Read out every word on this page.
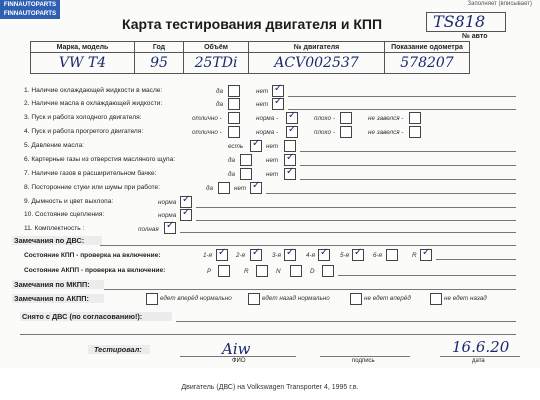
FINNAUTOPARTS
FINNAUTOPARTS
Заполняет (вписывает)
Карта тестирования двигателя и КПП	TS818
№ авто
Марка, модель	Год	Объём	№ двигателя	Показание одометра
VW T4	95	25TDi	ACV002537	578207
1. Наличие охлаждающей жидкости в масле:	да	нет ✓
2. Наличие масла в охлаждающей жидкости:	да	нет ✓
3. Пуск и работа холодного двигателя:	отлично -	норма - ✓	плохо -	не завелся -
4. Пуск и работа прогретого двигателя:	отлично -	норма - ✓	плохо -	не завелся -
5. Давление масла:	есть ✓ нет
6. Картерные газы из отверстия масляного щупа:	да	нет ✓
7. Наличие газов в расширительном бачке:	да	нет ✓
8. Посторонние стуки или шумы при работе:	да	нет ✓
9. Дымность и цвет выхлопа:	норма ✓
10. Состояние сцепления:	норма ✓
11. Комплектность :	полная ✓
Замечания по ДВС:
Состояние КПП - проверка на включение:	1-я ✓ 2-я ✓ 3-я ✓ 4-я ✓ 5-я ✓ 6-я	R ✓
Состояние АКПП - проверка на включение:	P	R	N	D
Замечания по МКПП:
Замечания по АКПП:	едет вперёд нормально	едет назад нормально	не едет вперёд	не едет назад
Снято с ДВС (по согласованию!):
Тестировал:	Aiw	16.6.20
ФИО	подпись	дата
Двигатель (ДВС) на Volkswagen Transporter 4, 1995 г.в.
